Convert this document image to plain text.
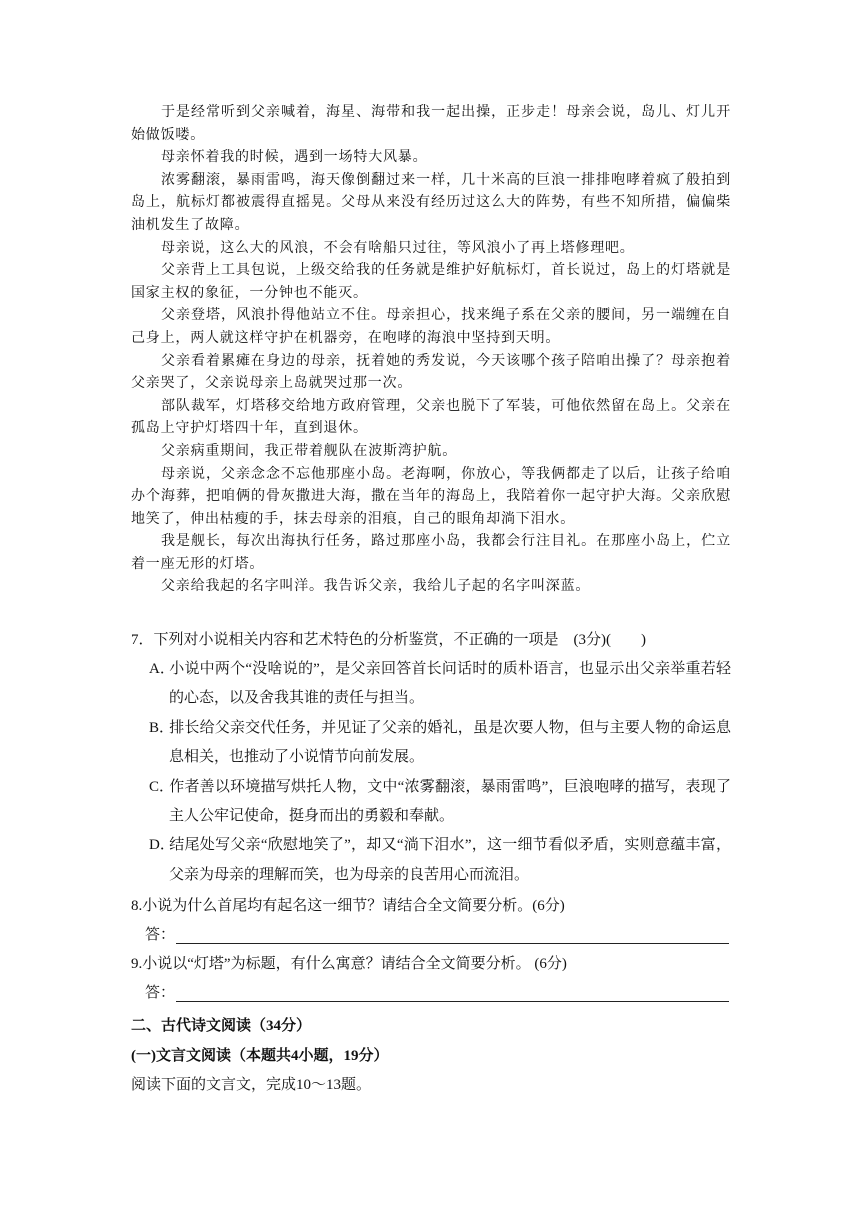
于是经常听到父亲喊着，海星、海带和我一起出操，正步走！母亲会说，岛儿、灯儿开始做饭喽。

母亲怀着我的时候，遇到一场特大风暴。

浓雾翻滚，暴雨雷鸣，海天像倒翻过来一样，几十米高的巨浪一排排咆哮着疯了般拍到岛上，航标灯都被震得直摇晃。父母从来没有经历过这么大的阵势，有些不知所措，偏偏柴油机发生了故障。

母亲说，这么大的风浪，不会有啥船只过往，等风浪小了再上塔修理吧。

父亲背上工具包说，上级交给我的任务就是维护好航标灯，首长说过，岛上的灯塔就是国家主权的象征，一分钟也不能灭。

父亲登塔，风浪扑得他站立不住。母亲担心，找来绳子系在父亲的腰间，另一端缠在自己身上，两人就这样守护在机器旁，在咆哮的海浪中坚持到天明。

父亲看着累瘫在身边的母亲，抚着她的秀发说，今天该哪个孩子陪咱出操了？母亲抱着父亲哭了，父亲说母亲上岛就哭过那一次。

部队裁军，灯塔移交给地方政府管理，父亲也脱下了军装，可他依然留在岛上。父亲在孤岛上守护灯塔四十年，直到退休。

父亲病重期间，我正带着舰队在波斯湾护航。

母亲说，父亲念念不忘他那座小岛。老海啊，你放心，等我俩都走了以后，让孩子给咱办个海葬，把咱俩的骨灰撒进大海，撒在当年的海岛上，我陪着你一起守护大海。父亲欣慰地笑了，伸出枯瘦的手，抹去母亲的泪痕，自己的眼角却淌下泪水。

我是舰长，每次出海执行任务，路过那座小岛，我都会行注目礼。在那座小岛上，伫立着一座无形的灯塔。

父亲给我起的名字叫洋。我告诉父亲，我给儿子起的名字叫深蓝。

7．下列对小说相关内容和艺术特色的分析鉴赏，不正确的一项是　(3分)(　　)

A．小说中两个“没啥说的”，是父亲回答首长问话时的质朴语言，也显示出父亲举重若轻的心态，以及舍我其谁的责任与担当。

B．排长给父亲交代任务，并见证了父亲的婚礼，虽是次要人物，但与主要人物的命运息息相关，也推动了小说情节向前发展。

C．作者善以环境描写烘托人物，文中“浓雾翻滚，暴雨雷鸣”，巨浪咆哮的描写，表现了主人公牢记使命，挺身而出的勇毅和奉献。

D．结尾处写父亲“欣慰地笑了”，却又“淌下泪水”，这一细节看似矛盾，实则意蕴丰富，父亲为母亲的理解而笑，也为母亲的良苦用心而流泪。

8.小说为什么首尾均有起名这一细节？请结合全文简要分析。(6分)
答：
9.小说以“灯塔”为标题，有什么寓意？请结合全文简要分析。 (6分)
答：
二、古代诗文阅读（34分）
(一)文言文阅读（本题共4小题，19分）
阅读下面的文言文，完成10～13题。
